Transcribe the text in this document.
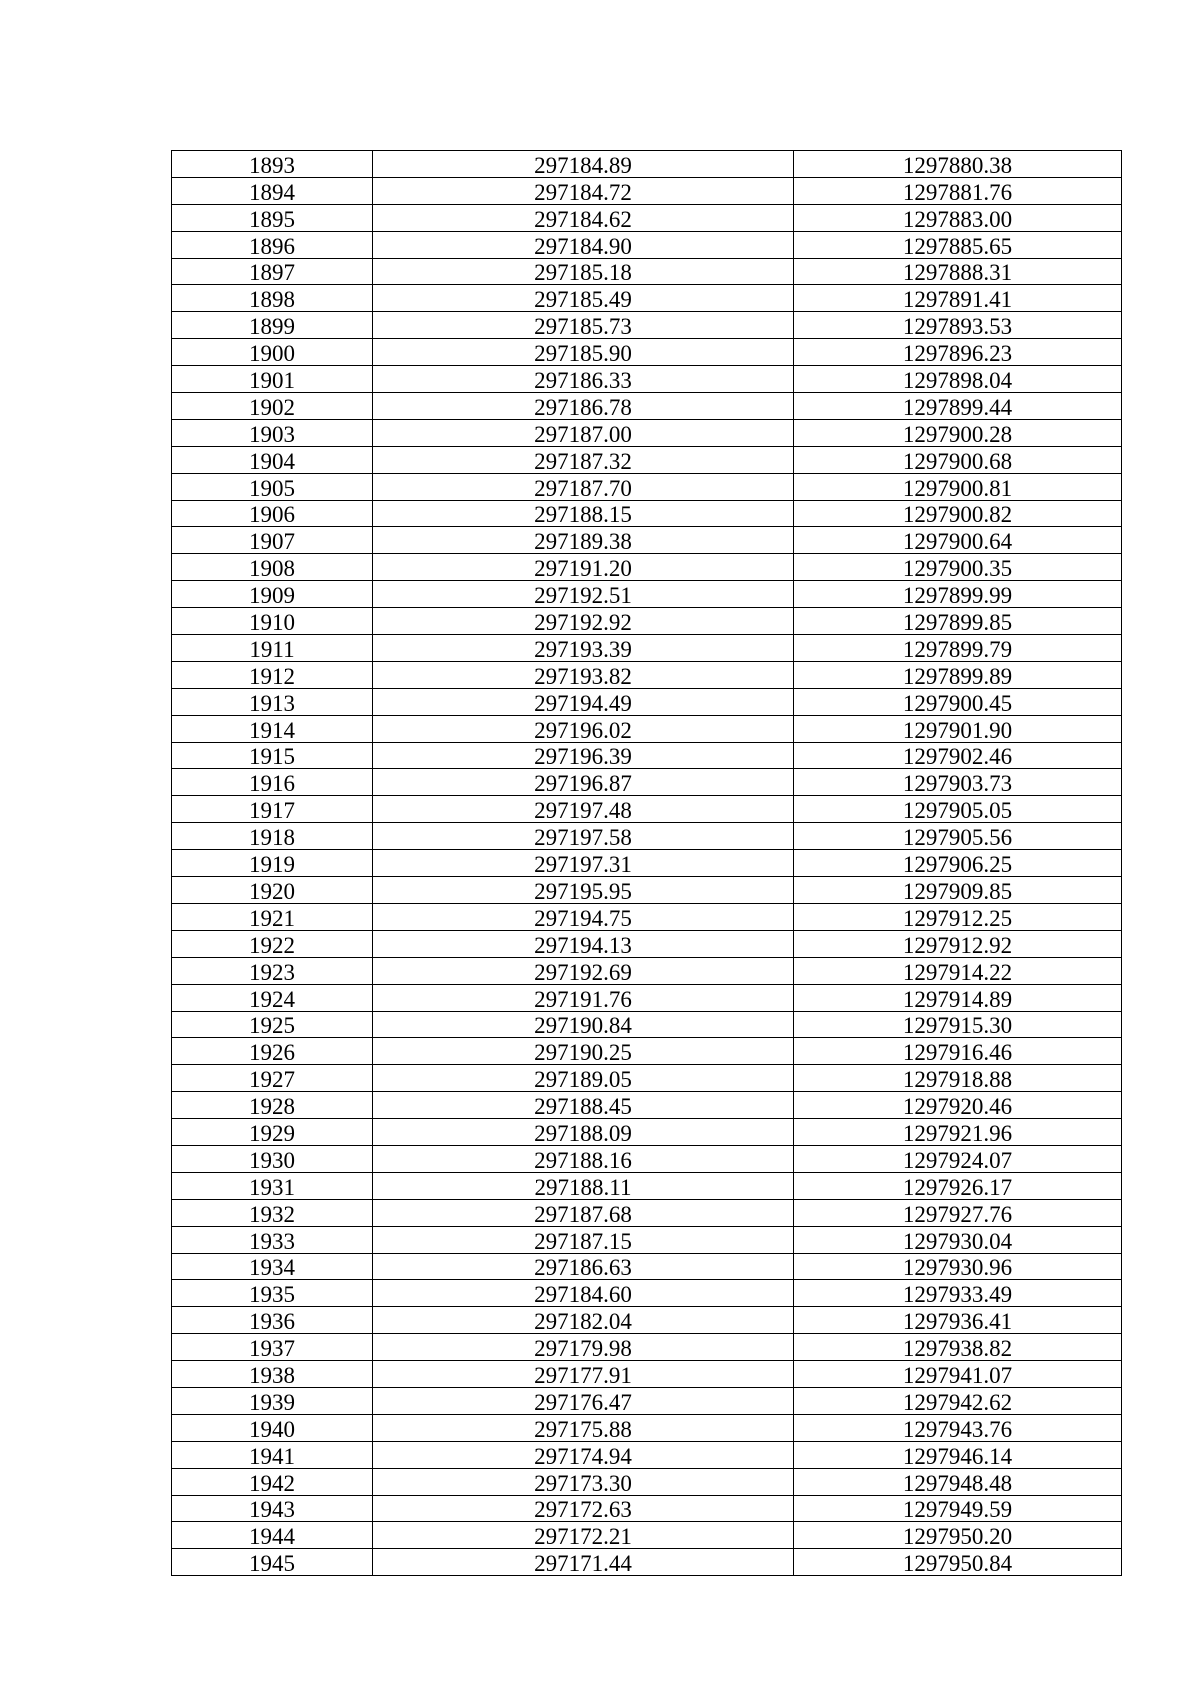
1893	297184.89	1297880.38
1894	297184.72	1297881.76
1895	297184.62	1297883.00
1896	297184.90	1297885.65
1897	297185.18	1297888.31
1898	297185.49	1297891.41
1899	297185.73	1297893.53
1900	297185.90	1297896.23
1901	297186.33	1297898.04
1902	297186.78	1297899.44
1903	297187.00	1297900.28
1904	297187.32	1297900.68
1905	297187.70	1297900.81
1906	297188.15	1297900.82
1907	297189.38	1297900.64
1908	297191.20	1297900.35
1909	297192.51	1297899.99
1910	297192.92	1297899.85
1911	297193.39	1297899.79
1912	297193.82	1297899.89
1913	297194.49	1297900.45
1914	297196.02	1297901.90
1915	297196.39	1297902.46
1916	297196.87	1297903.73
1917	297197.48	1297905.05
1918	297197.58	1297905.56
1919	297197.31	1297906.25
1920	297195.95	1297909.85
1921	297194.75	1297912.25
1922	297194.13	1297912.92
1923	297192.69	1297914.22
1924	297191.76	1297914.89
1925	297190.84	1297915.30
1926	297190.25	1297916.46
1927	297189.05	1297918.88
1928	297188.45	1297920.46
1929	297188.09	1297921.96
1930	297188.16	1297924.07
1931	297188.11	1297926.17
1932	297187.68	1297927.76
1933	297187.15	1297930.04
1934	297186.63	1297930.96
1935	297184.60	1297933.49
1936	297182.04	1297936.41
1937	297179.98	1297938.82
1938	297177.91	1297941.07
1939	297176.47	1297942.62
1940	297175.88	1297943.76
1941	297174.94	1297946.14
1942	297173.30	1297948.48
1943	297172.63	1297949.59
1944	297172.21	1297950.20
1945	297171.44	1297950.84
